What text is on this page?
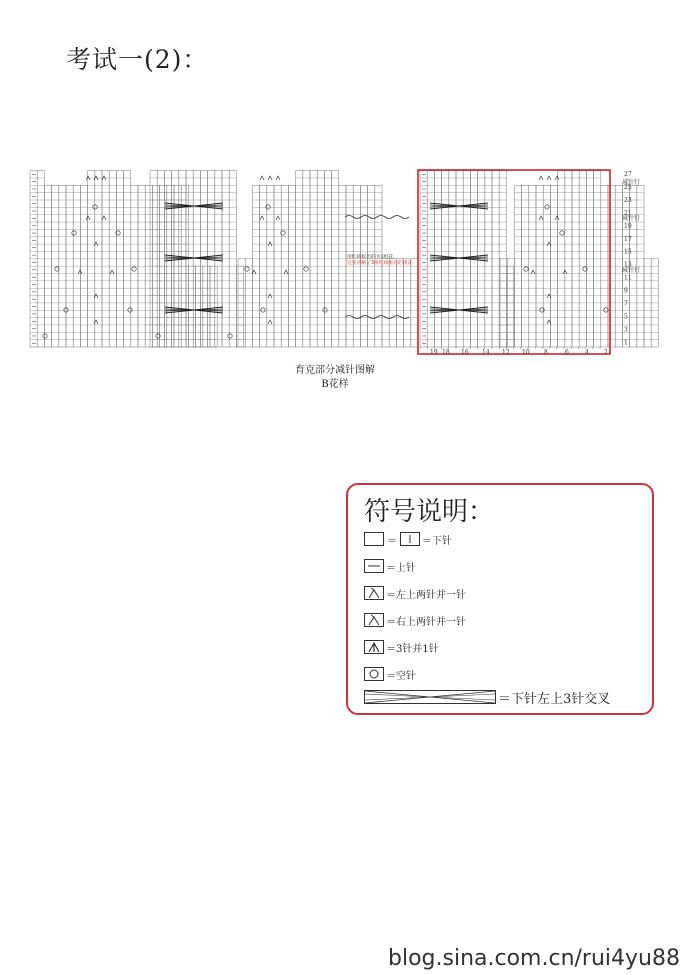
考试一(2)：
用红线框出的为1组花，
这里省略了3组红线框住的组花
27
25
23
21
19
17
15
13
11
9
7
5
3
1
19 18 16 14 12 10 8	6	4	2
减针行
减针行
减针行
育克部分减针图解
B花样
符号说明：
＝	＝下针
＝上针
＝左上两针并一针
＝右上两针并一针
＝3针并1针
＝空针
＝下针左上3针交叉
blog.sina.com.cn/rui4yu88
